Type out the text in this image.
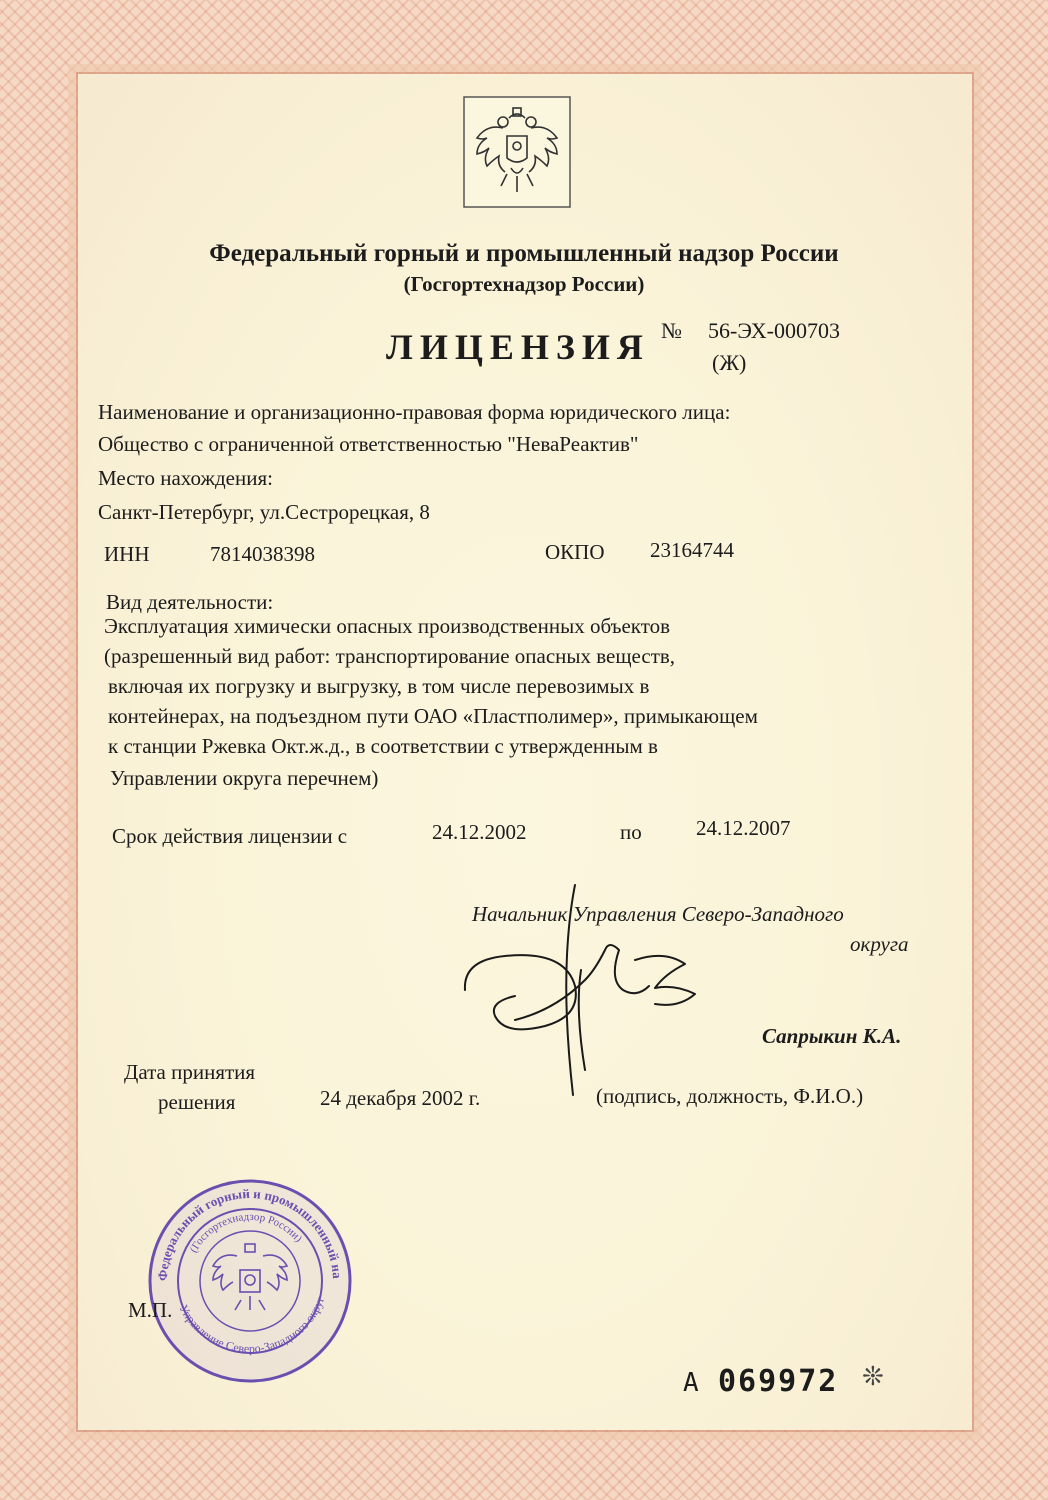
Федеральный горный и промышленный надзор России
(Госгортехнадзор России)
ЛИЦЕНЗИЯ № 56-ЭХ-000703
(Ж)
Наименование и организационно-правовая форма юридического лица:
Общество с ограниченной ответственностью "НеваРеактив"
Место нахождения:
Санкт-Петербург, ул.Сестрорецкая, 8
ИНН	7814038398	ОКПО 23164744
Вид деятельности:
Эксплуатация химически опасных производственных объектов
(разрешенный вид работ: транспортирование опасных веществ,
включая их погрузку и выгрузку, в том числе перевозимых в
контейнерах, на подъездном пути ОАО «Пластполимер», примыкающем
к станции Ржевка Окт.ж.д., в соответствии с утвержденным в
Управлении округа перечнем)
Срок действия лицензии с	24.12.2002	по	24.12.2007
Начальник Управления Северо-Западного
округа
Сапрыкин К.А.
Дата принятия
решения	24 декабря 2002 г.	(подпись, должность, Ф.И.О.)
Федеральный горный и промышленный на
(Госгортехнадзор России)
Управление Северо-Западного округ
М.П.
А 069972 ❊
